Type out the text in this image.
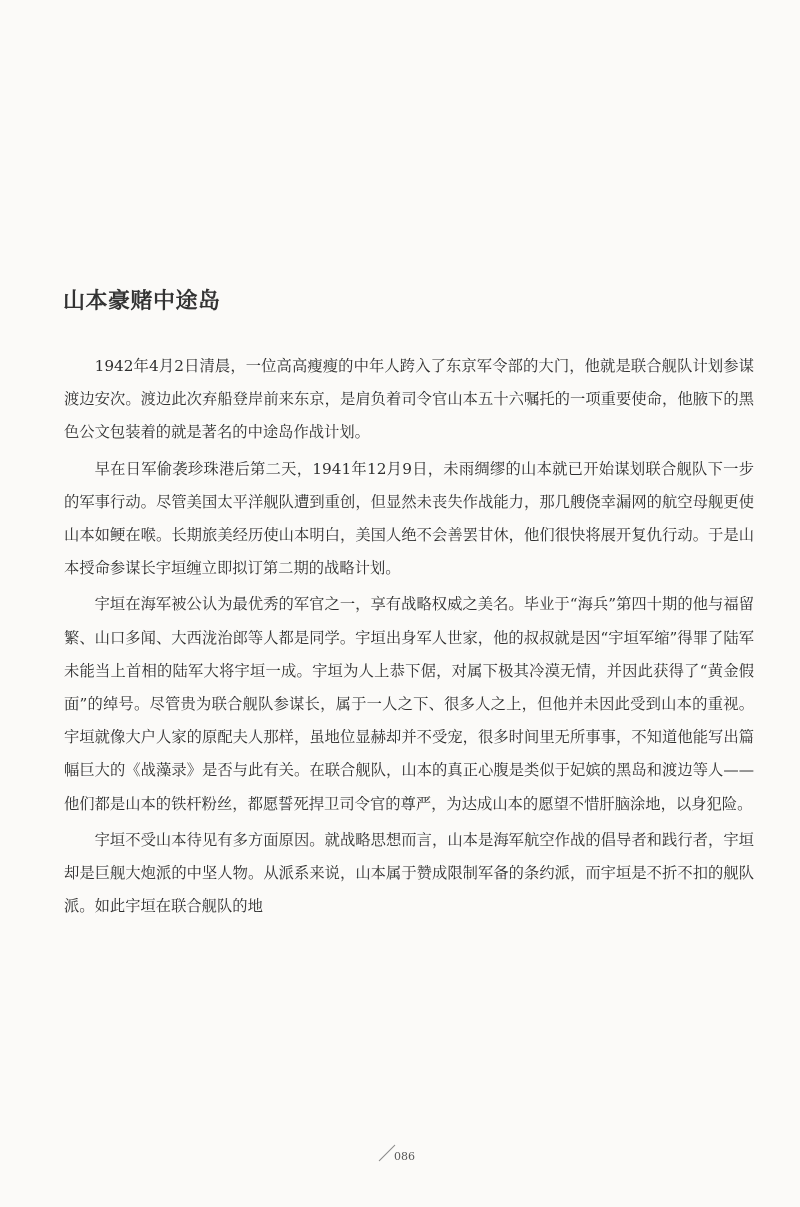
山本豪赌中途岛

1942年4月2日清晨，一位高高瘦瘦的中年人跨入了东京军令部的大门，他就是联合舰队计划参谋渡边安次。渡边此次弃船登岸前来东京，是肩负着司令官山本五十六嘱托的一项重要使命，他腋下的黑色公文包装着的就是著名的中途岛作战计划。

早在日军偷袭珍珠港后第二天，1941年12月9日，未雨绸缪的山本就已开始谋划联合舰队下一步的军事行动。尽管美国太平洋舰队遭到重创，但显然未丧失作战能力，那几艘侥幸漏网的航空母舰更使山本如鲠在喉。长期旅美经历使山本明白，美国人绝不会善罢甘休，他们很快将展开复仇行动。于是山本授命参谋长宇垣缠立即拟订第二期的战略计划。

宇垣在海军被公认为最优秀的军官之一，享有战略权威之美名。毕业于“海兵”第四十期的他与福留繁、山口多闻、大西泷治郎等人都是同学。宇垣出身军人世家，他的叔叔就是因“宇垣军缩”得罪了陆军未能当上首相的陆军大将宇垣一成。宇垣为人上恭下倨，对属下极其冷漠无情，并因此获得了“黄金假面”的绰号。尽管贵为联合舰队参谋长，属于一人之下、很多人之上，但他并未因此受到山本的重视。宇垣就像大户人家的原配夫人那样，虽地位显赫却并不受宠，很多时间里无所事事，不知道他能写出篇幅巨大的《战藻录》是否与此有关。在联合舰队，山本的真正心腹是类似于妃嫔的黑岛和渡边等人——他们都是山本的铁杆粉丝，都愿誓死捍卫司令官的尊严，为达成山本的愿望不惜肝脑涂地，以身犯险。

宇垣不受山本待见有多方面原因。就战略思想而言，山本是海军航空作战的倡导者和践行者，宇垣却是巨舰大炮派的中坚人物。从派系来说，山本属于赞成限制军备的条约派，而宇垣是不折不扣的舰队派。如此宇垣在联合舰队的地

086
